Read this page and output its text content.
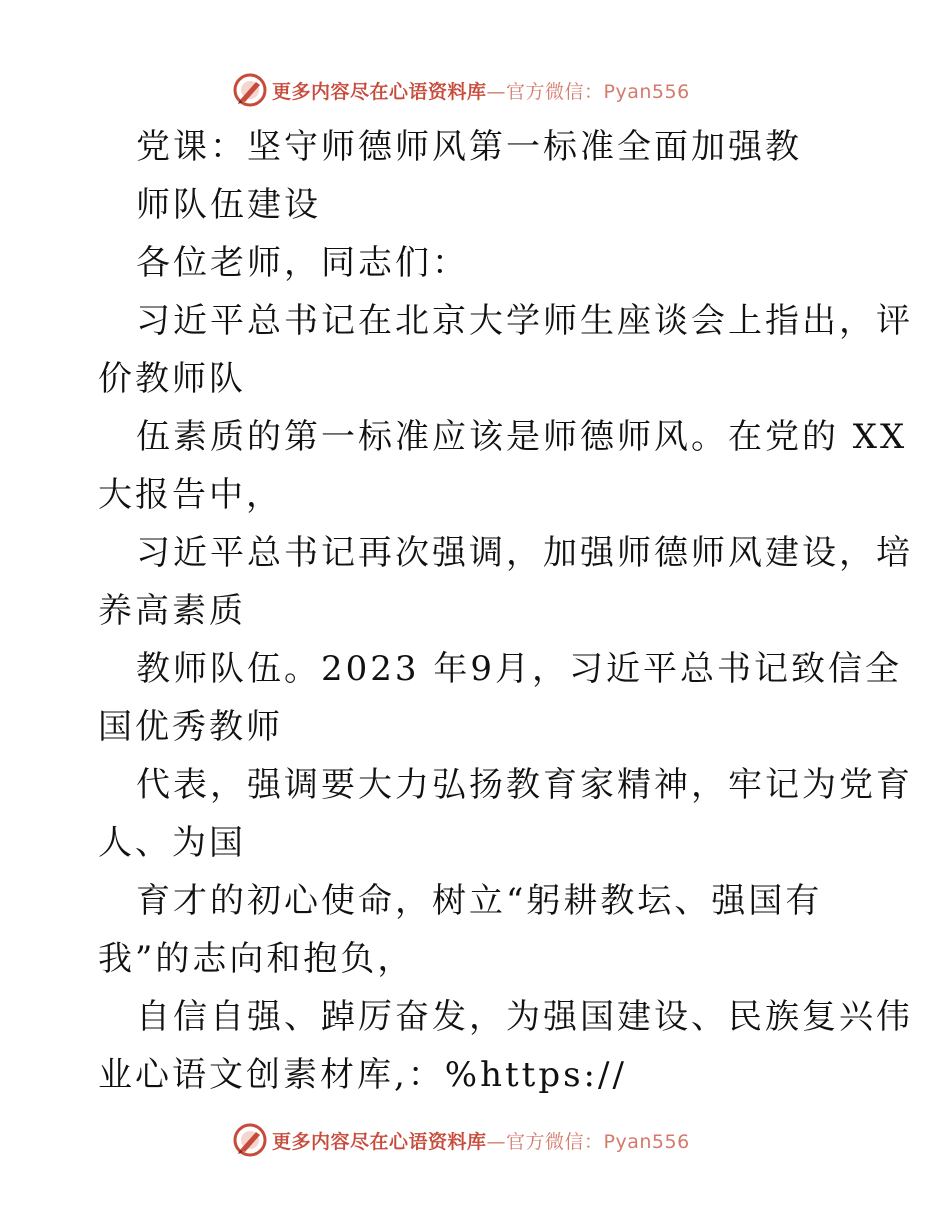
更多内容尽在心语资料库—官方微信：Pyan556
党课：坚守师德师风第一标准全面加强教
师队伍建设
各位老师，同志们：
习近平总书记在北京大学师生座谈会上指出，评
价教师队
伍素质的第一标准应该是师德师风。在党的 XX
大报告中，
习近平总书记再次强调，加强师德师风建设，培
养高素质
教师队伍。2023 年9月，习近平总书记致信全
国优秀教师
代表，强调要大力弘扬教育家精神，牢记为党育
人、为国
育才的初心使命，树立“躬耕教坛、强国有
我”的志向和抱负，
自信自强、踔厉奋发，为强国建设、民族复兴伟
业心语文创素材库,：%https://
更多内容尽在心语资料库—官方微信：Pyan556
